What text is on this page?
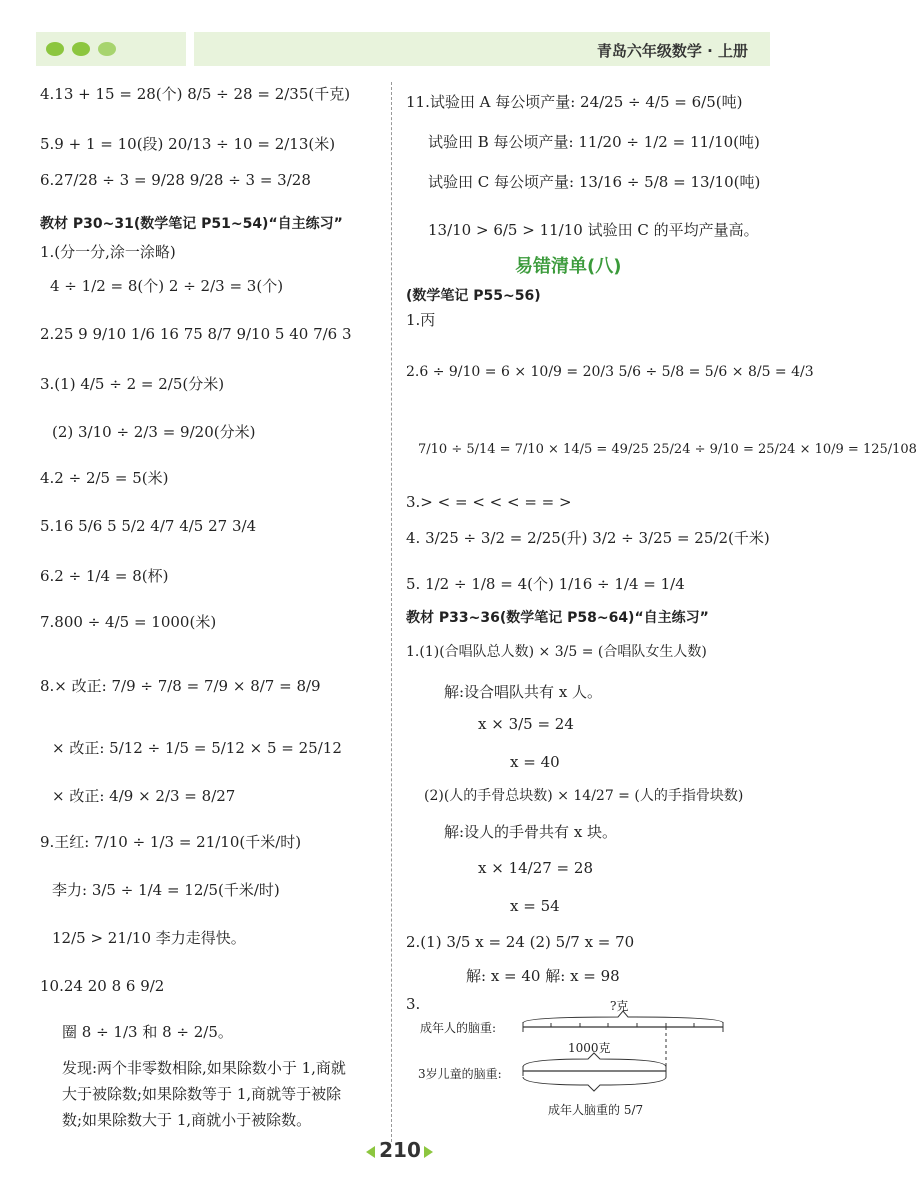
青岛六年级数学 · 上册
4.13 + 15 = 28(个) 8/5 ÷ 28 = 2/35(千克)
5.9 + 1 = 10(段) 20/13 ÷ 10 = 2/13(米)
6.27/28 ÷ 3 = 9/28 9/28 ÷ 3 = 3/28
教材 P30~31(数学笔记 P51~54)“自主练习”
1.(分一分,涂一涂略)
4 ÷ 1/2 = 8(个) 2 ÷ 2/3 = 3(个)
2.25 9 9/10 1/6 16 75 8/7 9/10 5 40 7/6 3
3.(1) 4/5 ÷ 2 = 2/5(分米)
(2) 3/10 ÷ 2/3 = 9/20(分米)
4.2 ÷ 2/5 = 5(米)
5.16 5/6 5 5/2 4/7 4/5 27 3/4
6.2 ÷ 1/4 = 8(杯)
7.800 ÷ 4/5 = 1000(米)
8.× 改正: 7/9 ÷ 7/8 = 7/9 × 8/7 = 8/9
× 改正: 5/12 ÷ 1/5 = 5/12 × 5 = 25/12
× 改正: 4/9 × 2/3 = 8/27
9.王红: 7/10 ÷ 1/3 = 21/10(千米/时)
李力: 3/5 ÷ 1/4 = 12/5(千米/时)
12/5 > 21/10 李力走得快。
10.24 20 8 6 9/2
圈 8 ÷ 1/3 和 8 ÷ 2/5。
发现:两个非零数相除,如果除数小于 1,商就
大于被除数;如果除数等于 1,商就等于被除
数;如果除数大于 1,商就小于被除数。
11.试验田 A 每公顷产量: 24/25 ÷ 4/5 = 6/5(吨)
试验田 B 每公顷产量: 11/20 ÷ 1/2 = 11/10(吨)
试验田 C 每公顷产量: 13/16 ÷ 5/8 = 13/10(吨)
13/10 > 6/5 > 11/10 试验田 C 的平均产量高。
易错清单(八)
(数学笔记 P55~56)
1.丙
2.6 ÷ 9/10 = 6 × 10/9 = 20/3 5/6 ÷ 5/8 = 5/6 × 8/5 = 4/3
7/10 ÷ 5/14 = 7/10 × 14/5 = 49/25 25/24 ÷ 9/10 = 25/24 × 10/9 = 125/108
3.> < = < < < = = >
4. 3/25 ÷ 3/2 = 2/25(升) 3/2 ÷ 3/25 = 25/2(千米)
5. 1/2 ÷ 1/8 = 4(个) 1/16 ÷ 1/4 = 1/4
教材 P33~36(数学笔记 P58~64)“自主练习”
1.(1)(合唱队总人数) × 3/5 = (合唱队女生人数)
解:设合唱队共有 x 人。
x × 3/5 = 24
x = 40
(2)(人的手骨总块数) × 14/27 = (人的手指骨块数)
解:设人的手骨共有 x 块。
x × 14/27 = 28
x = 54
2.(1) 3/5 x = 24 (2) 5/7 x = 70
解: x = 40 解: x = 98
3.	?克
成年人的脑重:
1000克
3岁儿童的脑重:
成年人脑重的 5/7
210
